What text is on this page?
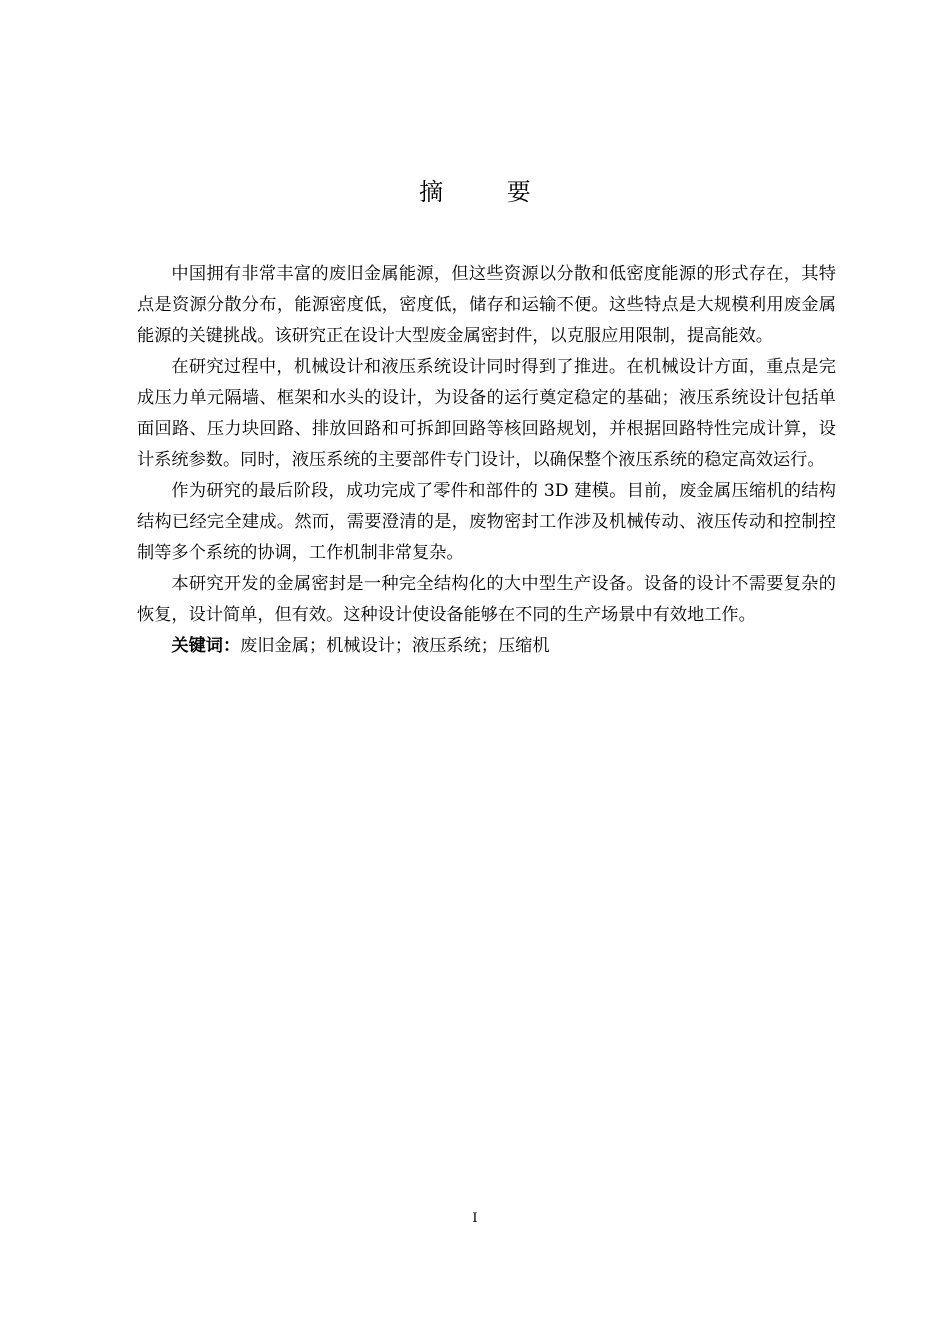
摘 要

中国拥有非常丰富的废旧金属能源，但这些资源以分散和低密度能源的形式存在，其特点是资源分散分布，能源密度低，密度低，储存和运输不便。这些特点是大规模利用废金属能源的关键挑战。该研究正在设计大型废金属密封件，以克服应用限制，提高能效。

在研究过程中，机械设计和液压系统设计同时得到了推进。在机械设计方面，重点是完成压力单元隔墙、框架和水头的设计，为设备的运行奠定稳定的基础；液压系统设计包括单面回路、压力块回路、排放回路和可拆卸回路等核回路规划，并根据回路特性完成计算，设计系统参数。同时，液压系统的主要部件专门设计，以确保整个液压系统的稳定高效运行。

作为研究的最后阶段，成功完成了零件和部件的 3D 建模。目前，废金属压缩机的结构结构已经完全建成。然而，需要澄清的是，废物密封工作涉及机械传动、液压传动和控制控制等多个系统的协调，工作机制非常复杂。

本研究开发的金属密封是一种完全结构化的大中型生产设备。设备的设计不需要复杂的恢复，设计简单，但有效。这种设计使设备能够在不同的生产场景中有效地工作。

关键词：废旧金属；机械设计；液压系统；压缩机

I
